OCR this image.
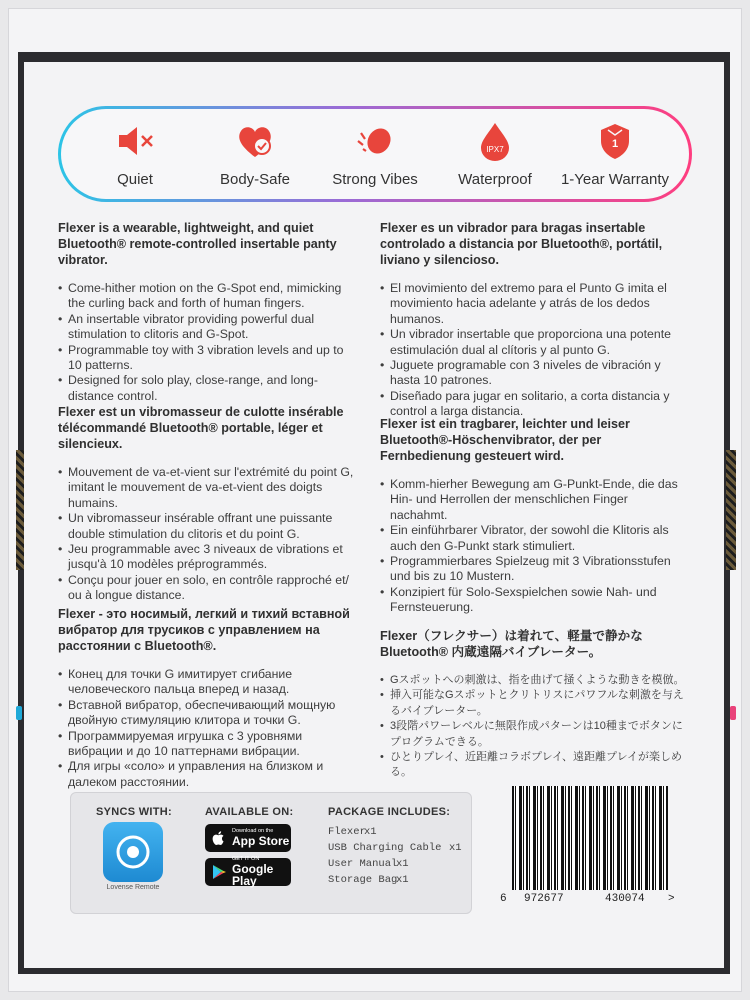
Quiet	Body-Safe	Strong Vibes
IPX7
Waterproof
1
1-Year Warranty
Flexer is a wearable, lightweight, and quiet Bluetooth® remote-controlled insertable panty vibrator.
• Come-hither motion on the G-Spot end, mimicking the curling back and forth of human fingers.
• An insertable vibrator providing powerful dual stimulation to clitoris and G-Spot.
• Programmable toy with 3 vibration levels and up to 10 patterns.
• Designed for solo play, close-range, and long-distance control.
Flexer es un vibrador para bragas insertable controlado a distancia por Bluetooth®, portátil, liviano y silencioso.
• El movimiento del extremo para el Punto G imita el movimiento hacia adelante y atrás de los dedos humanos.
• Un vibrador insertable que proporciona una potente estimulación dual al clítoris y al punto G.
• Juguete programable con 3 niveles de vibración y hasta 10 patrones.
• Diseñado para jugar en solitario, a corta distancia y control a larga distancia.
Flexer est un vibromasseur de culotte insérable télécommandé Bluetooth® portable, léger et silencieux.
• Mouvement de va-et-vient sur l'extrémité du point G, imitant le mouvement de va-et-vient des doigts humains.
• Un vibromasseur insérable offrant une puissante double stimulation du clitoris et du point G.
• Jeu programmable avec 3 niveaux de vibrations et jusqu'à 10 modèles préprogrammés.
• Conçu pour jouer en solo, en contrôle rapproché et/ ou à longue distance.
Flexer ist ein tragbarer, leichter und leiser Bluetooth®-Höschenvibrator, der per Fernbedienung gesteuert wird.
• Komm-hierher Bewegung am G-Punkt-Ende, die das Hin- und Herrollen der menschlichen Finger nachahmt.
• Ein einführbarer Vibrator, der sowohl die Klitoris als auch den G-Punkt stark stimuliert.
• Programmierbares Spielzeug mit 3 Vibrationsstufen und bis zu 10 Mustern.
• Konzipiert für Solo-Sexspielchen sowie Nah- und Fernsteuerung.
Flexer - это носимый, легкий и тихий вставной вибратор для трусиков с управлением на расстоянии с Bluetooth®.
• Конец для точки G имитирует сгибание человеческого пальца вперед и назад.
• Вставной вибратор, обеспечивающий мощную двойную стимуляцию клитора и точки G.
• Программируемая игрушка с 3 уровнями вибрации и до 10 паттернами вибрации.
• Для игры «соло» и управления на близком и далеком расстоянии.
Flexer（フレクサー）は着れて、軽量で静かなBluetooth® 内蔵遠隔バイブレーター。
• Gスポットへの刺激は、指を曲げて掻くような動きを模倣。
• 挿入可能なGスポットとクリトリスにパワフルな刺激を与えるバイブレーター。
• 3段階パワーレベルに無限作成パターンは10種までボタンにプログラムできる。
• ひとりプレイ、近距離コラボプレイ、遠距離プレイが楽しめる。
SYNCS WITH:
Lovense Remote
AVAILABLE ON:
Download on the
App Store
GET IT ON
Google Play
PACKAGE INCLUDES:
Flexer
x1
USB Charging Cable x1
User Manual
x1
Storage Bag
x1
6 972677	430074 >
